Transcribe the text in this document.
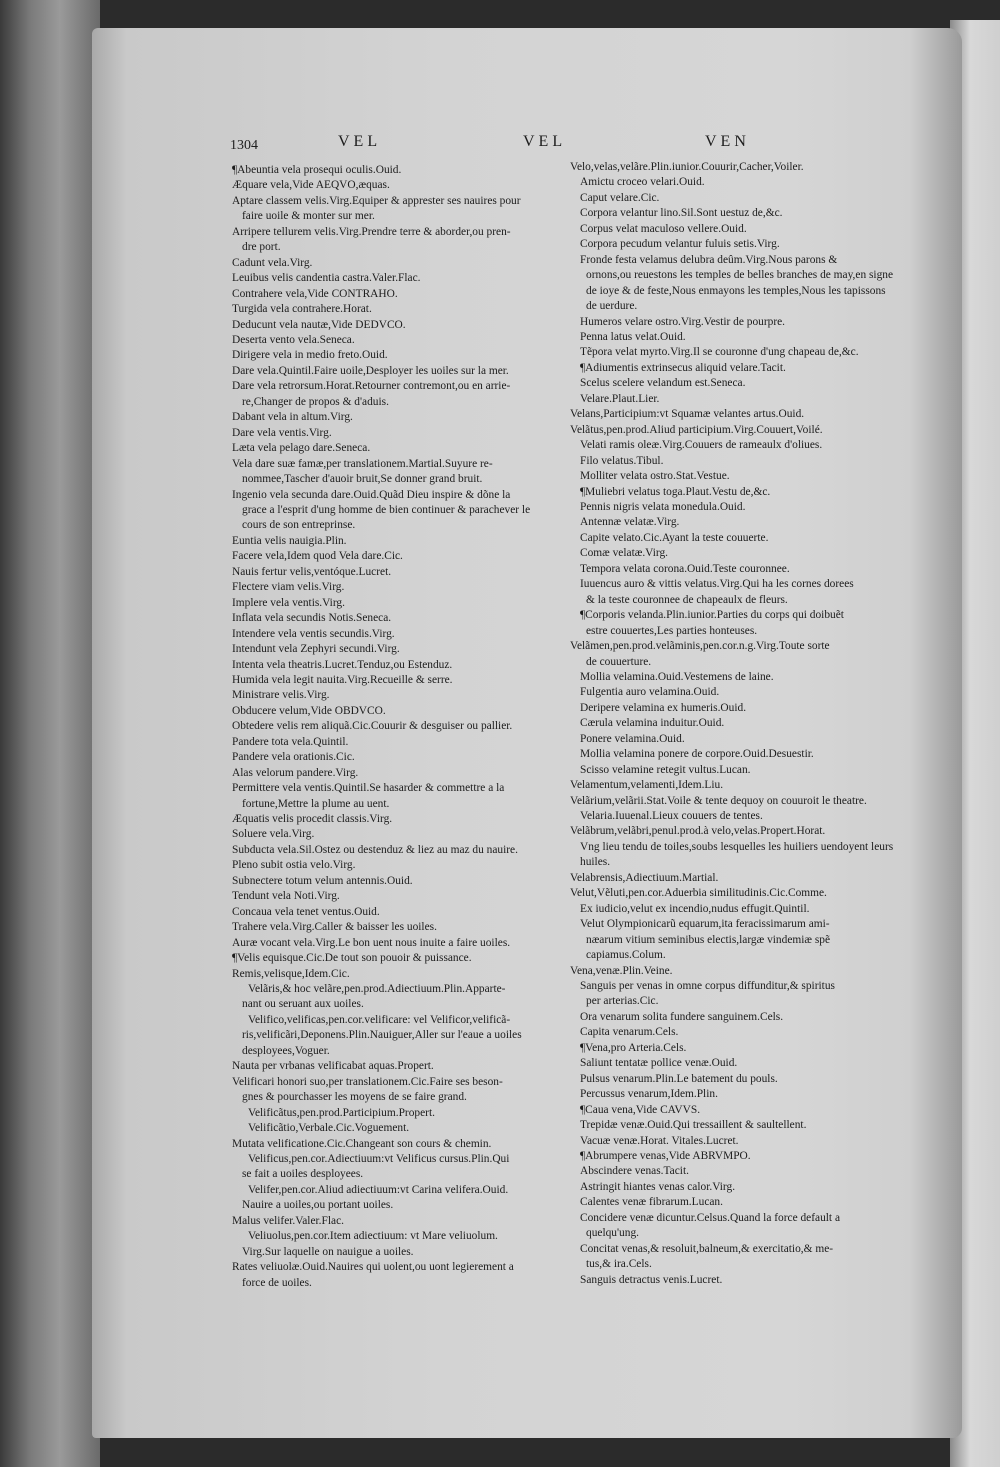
1304	VEL	VEL	VEN
¶Abeuntia vela prosequi oculis.Ouid.
Æquare vela,Vide AEQVO,æquas.
Aptare classem velis.Virg.Equiper & apprester ses nauires pour
faire uoile & monter sur mer.
Arripere tellurem velis.Virg.Prendre terre & aborder,ou pren-
dre port.
Cadunt vela.Virg.
Leuibus velis candentia castra.Valer.Flac.
Contrahere vela,Vide CONTRAHO.
Turgida vela contrahere.Horat.
Deducunt vela nautæ,Vide DEDVCO.
Deserta vento vela.Seneca.
Dirigere vela in medio freto.Ouid.
Dare vela.Quintil.Faire uoile,Desployer les uoiles sur la mer.
Dare vela retrorsum.Horat.Retourner contremont,ou en arrie-
re,Changer de propos & d'aduis.
Dabant vela in altum.Virg.
Dare vela ventis.Virg.
Læta vela pelago dare.Seneca.
Vela dare suæ famæ,per translationem.Martial.Suyure re-
nommee,Tascher d'auoir bruit,Se donner grand bruit.
Ingenio vela secunda dare.Ouid.Quãd Dieu inspire & dõne la
grace a l'esprit d'ung homme de bien continuer & parachever le
cours de son entreprinse.
Euntia velis nauigia.Plin.
Facere vela,Idem quod Vela dare.Cic.
Nauis fertur velis,ventóque.Lucret.
Flectere viam velis.Virg.
Implere vela ventis.Virg.
Inflata vela secundis Notis.Seneca.
Intendere vela ventis secundis.Virg.
Intendunt vela Zephyri secundi.Virg.
Intenta vela theatris.Lucret.Tenduz,ou Estenduz.
Humida vela legit nauita.Virg.Recueille & serre.
Ministrare velis.Virg.
Obducere velum,Vide OBDVCO.
Obtedere velis rem aliquã.Cic.Couurir & desguiser ou pallier.
Pandere tota vela.Quintil.
Pandere vela orationis.Cic.
Alas velorum pandere.Virg.
Permittere vela ventis.Quintil.Se hasarder & commettre a la
fortune,Mettre la plume au uent.
Æquatis velis procedit classis.Virg.
Soluere vela.Virg.
Subducta vela.Sil.Ostez ou destenduz & liez au maz du nauire.
Pleno subit ostia velo.Virg.
Subnectere totum velum antennis.Ouid.
Tendunt vela Noti.Virg.
Concaua vela tenet ventus.Ouid.
Trahere vela.Virg.Caller & baisser les uoiles.
Auræ vocant vela.Virg.Le bon uent nous inuite a faire uoiles.
¶Velis equisque.Cic.De tout son pouoir & puissance.
Remis,velisque,Idem.Cic.
Velãris,& hoc velãre,pen.prod.Adiectiuum.Plin.Apparte-
nant ou seruant aux uoiles.
Velifico,velificas,pen.cor.velificare: vel Velificor,velificã-
ris,velificãri,Deponens.Plin.Nauiguer,Aller sur l'eaue a uoiles
desployees,Voguer.
Nauta per vrbanas velificabat aquas.Propert.
Velificari honori suo,per translationem.Cic.Faire ses beson-
gnes & pourchasser les moyens de se faire grand.
Velificãtus,pen.prod.Participium.Propert.
Velificãtio,Verbale.Cic.Voguement.
Mutata velificatione.Cic.Changeant son cours & chemin.
Velificus,pen.cor.Adiectiuum:vt Velificus cursus.Plin.Qui
se fait a uoiles desployees.
Velifer,pen.cor.Aliud adiectiuum:vt Carina velifera.Ouid.
Nauire a uoiles,ou portant uoiles.
Malus velifer.Valer.Flac.
Veliuolus,pen.cor.Item adiectiuum: vt Mare veliuolum.
Virg.Sur laquelle on nauigue a uoiles.
Rates veliuolæ.Ouid.Nauires qui uolent,ou uont legierement a
force de uoiles.
Velo,velas,velãre.Plin.iunior.Couurir,Cacher,Voiler.
Amictu croceo velari.Ouid.
Caput velare.Cic.
Corpora velantur lino.Sil.Sont uestuz de,&c.
Corpus velat maculoso vellere.Ouid.
Corpora pecudum velantur fuluis setis.Virg.
Fronde festa velamus delubra deûm.Virg.Nous parons &
ornons,ou reuestons les temples de belles branches de may,en signe
de ioye & de feste,Nous enmayons les temples,Nous les tapissons
de uerdure.
Humeros velare ostro.Virg.Vestir de pourpre.
Penna latus velat.Ouid.
Tẽpora velat myrto.Virg.Il se couronne d'ung chapeau de,&c.
¶Adiumentis extrinsecus aliquid velare.Tacit.
Scelus scelere velandum est.Seneca.
Velare.Plaut.Lier.
Velans,Participium:vt Squamæ velantes artus.Ouid.
Velãtus,pen.prod.Aliud participium.Virg.Couuert,Voilé.
Velati ramis oleæ.Virg.Couuers de rameaulx d'oliues.
Filo velatus.Tibul.
Molliter velata ostro.Stat.Vestue.
¶Muliebri velatus toga.Plaut.Vestu de,&c.
Pennis nigris velata monedula.Ouid.
Antennæ velatæ.Virg.
Capite velato.Cic.Ayant la teste couuerte.
Comæ velatæ.Virg.
Tempora velata corona.Ouid.Teste couronnee.
Iuuencus auro & vittis velatus.Virg.Qui ha les cornes dorees
& la teste couronnee de chapeaulx de fleurs.
¶Corporis velanda.Plin.iunior.Parties du corps qui doibuẽt
estre couuertes,Les parties honteuses.
Velãmen,pen.prod.velãminis,pen.cor.n.g.Virg.Toute sorte
de couuerture.
Mollia velamina.Ouid.Vestemens de laine.
Fulgentia auro velamina.Ouid.
Deripere velamina ex humeris.Ouid.
Cærula velamina induitur.Ouid.
Ponere velamina.Ouid.
Mollia velamina ponere de corpore.Ouid.Desuestir.
Scisso velamine retegit vultus.Lucan.
Velamentum,velamenti,Idem.Liu.
Velãrium,velãrii.Stat.Voile & tente dequoy on couuroit le theatre.
Velaria.Iuuenal.Lieux couuers de tentes.
Velãbrum,velãbri,penul.prod.à velo,velas.Propert.Horat.
Vng lieu tendu de toiles,soubs lesquelles les huiliers uendoyent leurs
huiles.
Velabrensis,Adiectiuum.Martial.
Velut,Vẽluti,pen.cor.Aduerbia similitudinis.Cic.Comme.
Ex iudicio,velut ex incendio,nudus effugit.Quintil.
Velut Olympionicarũ equarum,ita feracissimarum ami-
næarum vitium seminibus electis,largæ vindemiæ spẽ
capiamus.Colum.
Vena,venæ.Plin.Veine.
Sanguis per venas in omne corpus diffunditur,& spiritus
per arterias.Cic.
Ora venarum solita fundere sanguinem.Cels.
Capita venarum.Cels.
¶Vena,pro Arteria.Cels.
Saliunt tentatæ pollice venæ.Ouid.
Pulsus venarum.Plin.Le batement du pouls.
Percussus venarum,Idem.Plin.
¶Caua vena,Vide CAVVS.
Trepidæ venæ.Ouid.Qui tressaillent & saultellent.
Vacuæ venæ.Horat. Vitales.Lucret.
¶Abrumpere venas,Vide ABRVMPO.
Abscindere venas.Tacit.
Astringit hiantes venas calor.Virg.
Calentes venæ fibrarum.Lucan.
Concidere venæ dicuntur.Celsus.Quand la force default a
quelqu'ung.
Concitat venas,& resoluit,balneum,& exercitatio,& me-
tus,& ira.Cels.
Sanguis detractus venis.Lucret.
